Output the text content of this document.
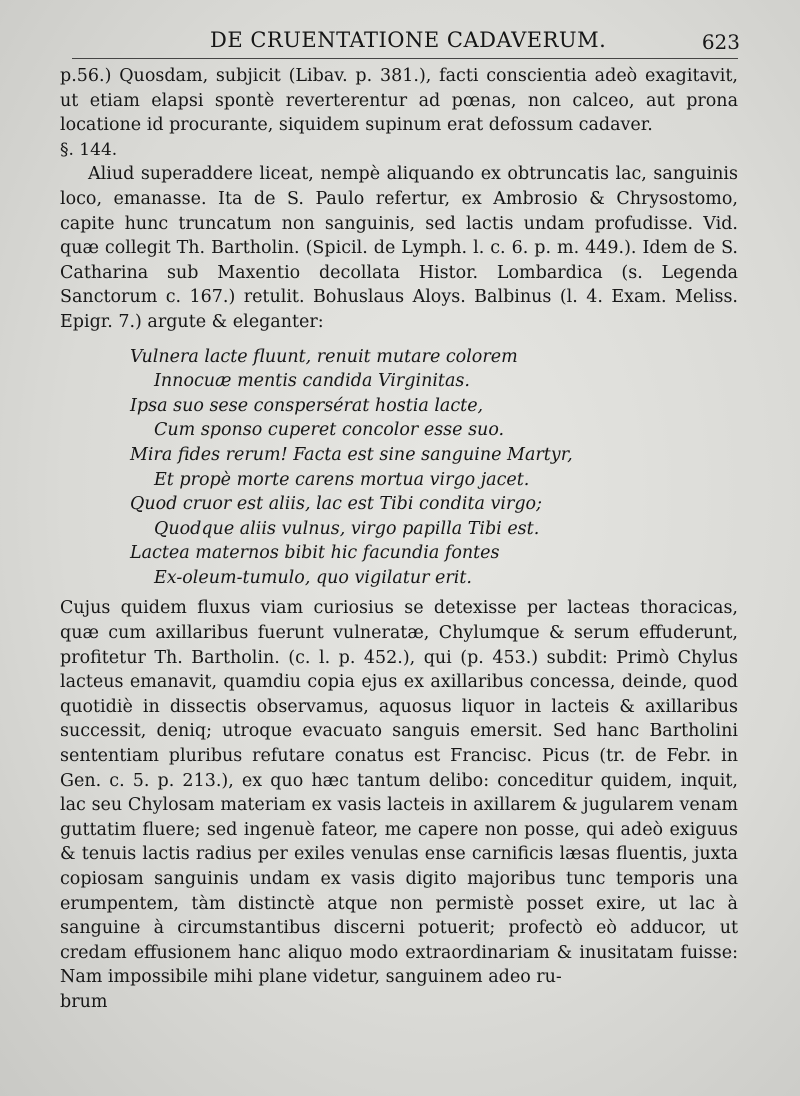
DE CRUENTATIONE CADAVERUM.	623

p.56.) Quosdam, subjicit (Libav. p. 381.), facti conscientia adeò exagitavit, ut etiam elapsi spontè reverterentur ad pœnas, non calceo, aut prona locatione id procurante, siquidem supinum erat defossum cadaver.

§. 144.

Aliud superaddere liceat, nempè aliquando ex obtruncatis lac, sanguinis loco, emanasse. Ita de S. Paulo refertur, ex Ambrosio & Chrysostomo, capite hunc truncatum non sanguinis, sed lactis undam profudisse. Vid. quæ collegit Th. Bartholin. (Spicil. de Lymph. l. c. 6. p. m. 449.). Idem de S. Catharina sub Maxentio decollata Histor. Lombardica (s. Legenda Sanctorum c. 167.) retulit. Bohuslaus Aloys. Balbinus (l. 4. Exam. Meliss. Epigr. 7.) argute & eleganter:

Vulnera lacte fluunt, renuit mutare colorem
Innocuæ mentis candida Virginitas.
Ipsa suo sese conspersérat hostia lacte,
Cum sponso cuperet concolor esse suo.
Mira fides rerum! Facta est sine sanguine Martyr,
Et propè morte carens mortua virgo jacet.
Quod cruor est aliis, lac est Tibi condita virgo;
Quodque aliis vulnus, virgo papilla Tibi est.
Lactea maternos bibit hic facundia fontes
Ex-oleum-tumulo, quo vigilatur erit.

Cujus quidem fluxus viam curiosius se detexisse per lacteas thoracicas, quæ cum axillaribus fuerunt vulneratæ, Chylumque & serum effuderunt, profitetur Th. Bartholin. (c. l. p. 452.), qui (p. 453.) subdit: Primò Chylus lacteus emanavit, quamdiu copia ejus ex axillaribus concessa, deinde, quod quotidiè in dissectis observamus, aquosus liquor in lacteis & axillaribus successit, deniq; utroque evacuato sanguis emersit. Sed hanc Bartholini sententiam pluribus refutare conatus est Francisc. Picus (tr. de Febr. in Gen. c. 5. p. 213.), ex quo hæc tantum delibo: conceditur quidem, inquit, lac seu Chylosam materiam ex vasis lacteis in axillarem & jugularem venam guttatim fluere; sed ingenuè fateor, me capere non posse, qui adeò exiguus & tenuis lactis radius per exiles venulas ense carnificis læsas fluentis, juxta copiosam sanguinis undam ex vasis digito majoribus tunc temporis una erumpentem, tàm distinctè atque non permistè posset exire, ut lac à sanguine à circumstantibus discerni potuerit; profectò eò adducor, ut credam effusionem hanc aliquo modo extraordinariam & inusitatam fuisse: Nam impossibile mihi plane videtur, sanguinem adeo ru-

brum
